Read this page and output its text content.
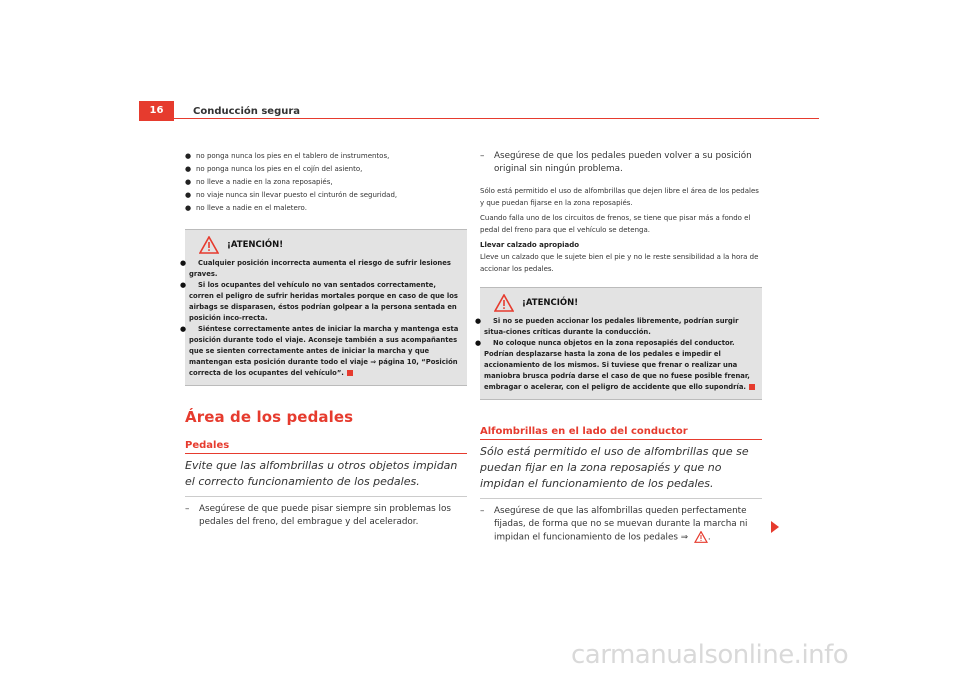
16	Conducción segura
● no ponga nunca los pies en el tablero de instrumentos,
● no ponga nunca los pies en el cojín del asiento,
● no lleve a nadie en la zona reposapiés,
● no viaje nunca sin llevar puesto el cinturón de seguridad,
● no lleve a nadie en el maletero.
¡ATENCIÓN!
● Cualquier posición incorrecta aumenta el riesgo de sufrir lesiones graves.
● Si los ocupantes del vehículo no van sentados correctamente, corren el peligro de sufrir heridas mortales porque en caso de que los airbags se disparasen, éstos podrían golpear a la persona sentada en posición inco-rrecta.
● Siéntese correctamente antes de iniciar la marcha y mantenga esta posición durante todo el viaje. Aconseje también a sus acompañantes que se sienten correctamente antes de iniciar la marcha y que mantengan esta posición durante todo el viaje ⇒ página 10, “Posición correcta de los ocupantes del vehículo”.
Área de los pedales
Pedales
Evite que las alfombrillas u otros objetos impidan el correcto funcionamiento de los pedales.
– Asegúrese de que puede pisar siempre sin problemas los pedales del freno, del embrague y del acelerador.
– Asegúrese de que los pedales pueden volver a su posición original sin ningún problema.
Sólo está permitido el uso de alfombrillas que dejen libre el área de los pedales y que puedan fijarse en la zona reposapiés.
Cuando falla uno de los circuitos de frenos, se tiene que pisar más a fondo el pedal del freno para que el vehículo se detenga.
Llevar calzado apropiado
Lleve un calzado que le sujete bien el pie y no le reste sensibilidad a la hora de accionar los pedales.
¡ATENCIÓN!
● Si no se pueden accionar los pedales libremente, podrían surgir situa-ciones críticas durante la conducción.
● No coloque nunca objetos en la zona reposapiés del conductor. Podrían desplazarse hasta la zona de los pedales e impedir el accionamiento de los mismos. Si tuviese que frenar o realizar una maniobra brusca podría darse el caso de que no fuese posible frenar, embragar o acelerar, con el peligro de accidente que ello supondría.
Alfombrillas en el lado del conductor
Sólo está permitido el uso de alfombrillas que se puedan fijar en la zona reposapiés y que no impidan el funcionamiento de los pedales.
– Asegúrese de que las alfombrillas queden perfectamente fijadas, de forma que no se muevan durante la marcha ni impidan el funcionamiento de los pedales ⇒ .
carmanualsonline.info
